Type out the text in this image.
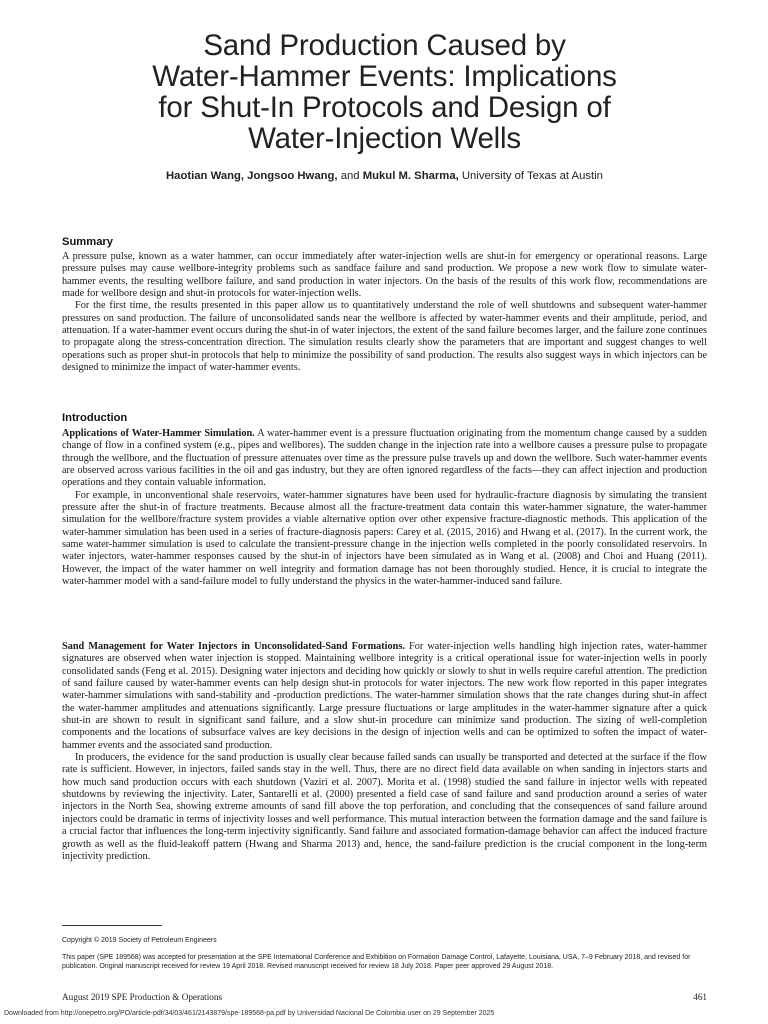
Sand Production Caused by
Water-Hammer Events: Implications
for Shut-In Protocols and Design of
Water-Injection Wells
Haotian Wang, Jongsoo Hwang, and Mukul M. Sharma, University of Texas at Austin
Summary

A pressure pulse, known as a water hammer, can occur immediately after water-injection wells are shut-in for emergency or operational reasons. Large pressure pulses may cause wellbore-integrity problems such as sandface failure and sand production. We propose a new work flow to simulate water-hammer events, the resulting wellbore failure, and sand production in water injectors. On the basis of the results of this work flow, recommendations are made for wellbore design and shut-in protocols for water-injection wells.

For the first time, the results presented in this paper allow us to quantitatively understand the role of well shutdowns and subsequent water-hammer pressures on sand production. The failure of unconsolidated sands near the wellbore is affected by water-hammer events and their amplitude, period, and attenuation. If a water-hammer event occurs during the shut-in of water injectors, the extent of the sand failure becomes larger, and the failure zone continues to propagate along the stress-concentration direction. The simulation results clearly show the parameters that are important and suggest changes to well operations such as proper shut-in protocols that help to minimize the possibility of sand production. The results also suggest ways in which injectors can be designed to minimize the impact of water-hammer events.

Introduction

Applications of Water-Hammer Simulation. A water-hammer event is a pressure fluctuation originating from the momentum change caused by a sudden change of flow in a confined system (e.g., pipes and wellbores). The sudden change in the injection rate into a wellbore causes a pressure pulse to propagate through the wellbore, and the fluctuation of pressure attenuates over time as the pressure pulse travels up and down the wellbore. Such water-hammer events are observed across various facilities in the oil and gas industry, but they are often ignored regardless of the facts—they can affect injection and production operations and they contain valuable information.

For example, in unconventional shale reservoirs, water-hammer signatures have been used for hydraulic-fracture diagnosis by simulating the transient pressure after the shut-in of fracture treatments. Because almost all the fracture-treatment data contain this water-hammer signature, the water-hammer simulation for the wellbore/fracture system provides a viable alternative option over other expensive fracture-diagnostic methods. This application of the water-hammer simulation has been used in a series of fracture-diagnosis papers: Carey et al. (2015, 2016) and Hwang et al. (2017). In the current work, the same water-hammer simulation is used to calculate the transient-pressure change in the injection wells completed in the poorly consolidated reservoirs. In water injectors, water-hammer responses caused by the shut-in of injectors have been simulated as in Wang et al. (2008) and Choi and Huang (2011). However, the impact of the water hammer on well integrity and formation damage has not been thoroughly studied. Hence, it is crucial to integrate the water-hammer model with a sand-failure model to fully understand the physics in the water-hammer-induced sand failure.

Sand Management for Water Injectors in Unconsolidated-Sand Formations. For water-injection wells handling high injection rates, water-hammer signatures are observed when water injection is stopped. Maintaining wellbore integrity is a critical operational issue for water-injection wells in poorly consolidated sands (Feng et al. 2015). Designing water injectors and deciding how quickly or slowly to shut in wells require careful attention. The prediction of sand failure caused by water-hammer events can help design shut-in protocols for water injectors. The new work flow reported in this paper integrates water-hammer simulations with sand-stability and -production predictions. The water-hammer simulation shows that the rate changes during shut-in affect the water-hammer amplitudes and attenuations significantly. Large pressure fluctuations or large amplitudes in the water-hammer signature after a quick shut-in are shown to result in significant sand failure, and a slow shut-in procedure can minimize sand production. The sizing of well-completion components and the locations of subsurface valves are key decisions in the design of injection wells and can be optimized to soften the impact of water-hammer events and the associated sand production.

In producers, the evidence for the sand production is usually clear because failed sands can usually be transported and detected at the surface if the flow rate is sufficient. However, in injectors, failed sands stay in the well. Thus, there are no direct field data available on when sanding in injectors starts and how much sand production occurs with each shutdown (Vaziri et al. 2007). Morita et al. (1998) studied the sand failure in injector wells with repeated shutdowns by reviewing the injectivity. Later, Santarelli et al. (2000) presented a field case of sand failure and sand production around a series of water injectors in the North Sea, showing extreme amounts of sand fill above the top perforation, and concluding that the consequences of sand failure around injectors could be dramatic in terms of injectivity losses and well performance. This mutual interaction between the formation damage and the sand failure is a crucial factor that influences the long-term injectivity significantly. Sand failure and associated formation-damage behavior can affect the induced fracture growth as well as the fluid-leakoff pattern (Hwang and Sharma 2013) and, hence, the sand-failure prediction is the crucial component in the long-term injectivity prediction.

Copyright © 2019 Society of Petroleum Engineers

This paper (SPE 189568) was accepted for presentation at the SPE International Conference and Exhibition on Formation Damage Control, Lafayette, Louisiana, USA, 7–9 February 2018, and revised for publication. Original manuscript received for review 19 April 2018. Revised manuscript received for review 18 July 2018. Paper peer approved 29 August 2018.

August 2019 SPE Production & Operations	461

Downloaded from http://onepetro.org/PO/article-pdf/34/03/461/2143879/spe-189568-pa.pdf by Universidad Nacional De Colombia user on 29 September 2025
